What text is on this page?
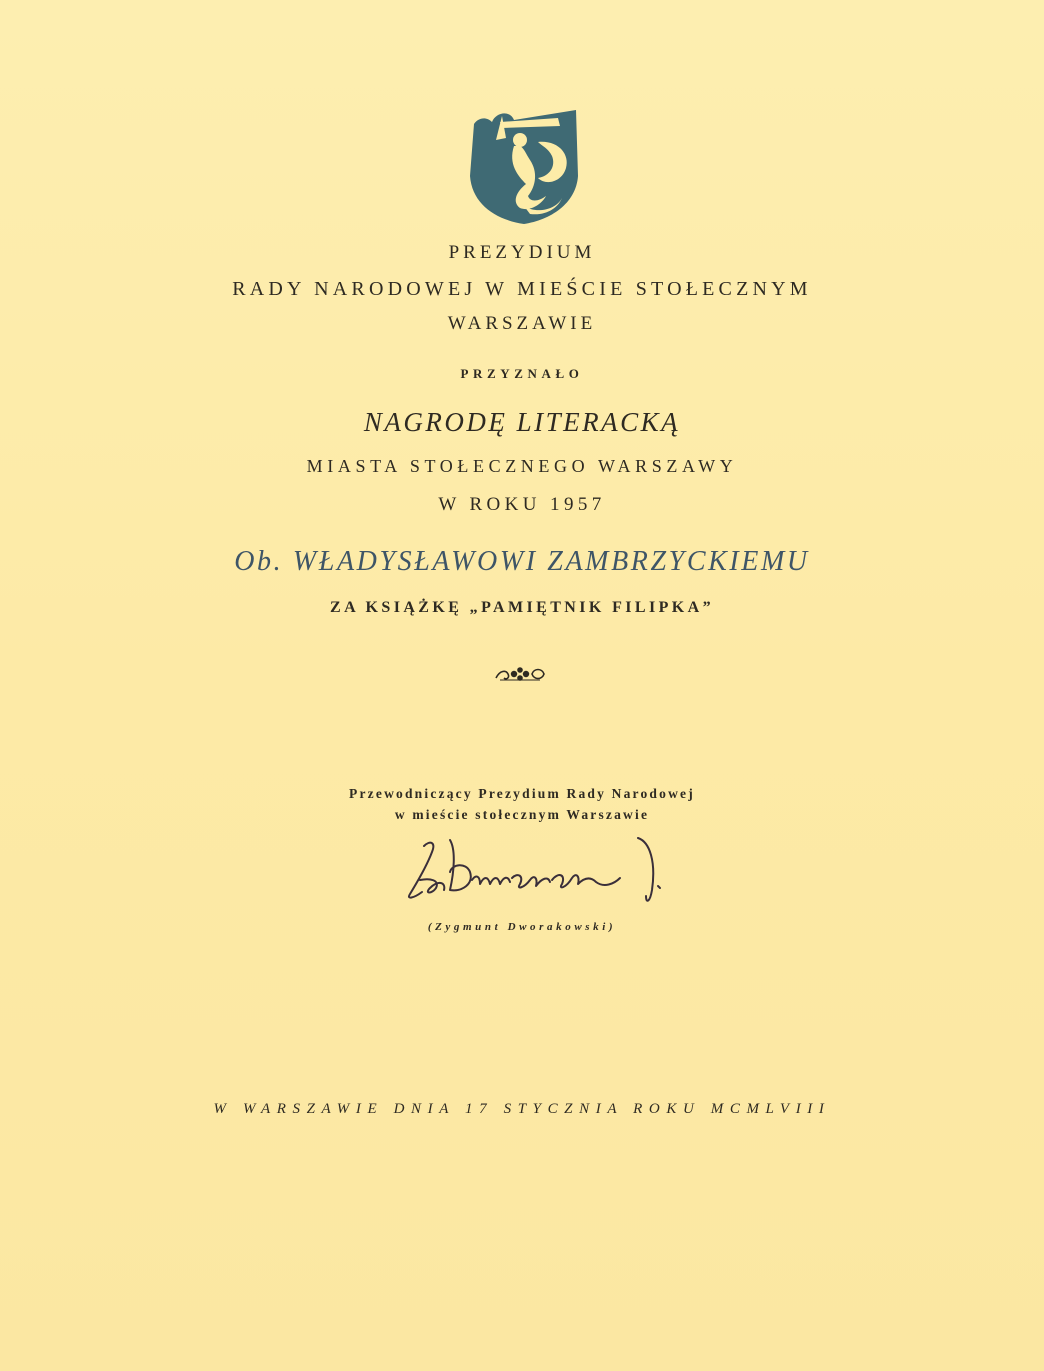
PREZYDIUM
RADY NARODOWEJ W MIEŚCIE STOŁECZNYM
WARSZAWIE
PRZYZNAŁO
NAGRODĘ LITERACKĄ
MIASTA STOŁECZNEGO WARSZAWY
W ROKU 1957
Ob. WŁADYSŁAWOWI ZAMBRZYCKIEMU
ZA KSIĄŻKĘ „PAMIĘTNIK FILIPKA”
Przewodniczący Prezydium Rady Narodowej
w mieście stołecznym Warszawie
(Zygmunt Dworakowski)
W WARSZAWIE DNIA 17 STYCZNIA ROKU MCMLVIII
